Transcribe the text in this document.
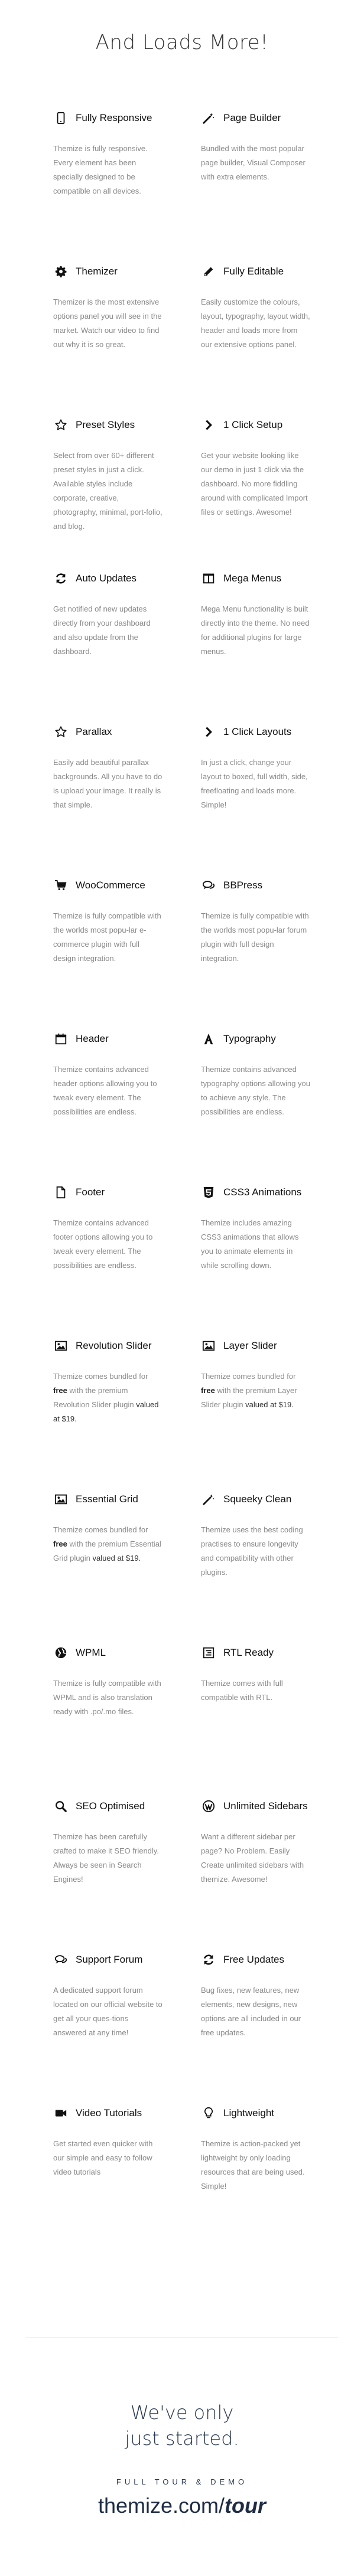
And Loads More!
Fully Responsive
Themize is fully responsive. Every element has been specially designed to be compatible on all devices.
Page Builder
Bundled with the most popular page builder, Visual Composer with extra elements.
Themizer
Themizer is the most extensive options panel you will see in the market. Watch our video to find out why it is so great.
Fully Editable
Easily customize the colours, layout, typography, layout width, header and loads more from our extensive options panel.
Preset Styles
Select from over 60+ different preset styles in just a click. Available styles include corporate, creative, photography, minimal, port-folio, and blog.
1 Click Setup
Get your website looking like our demo in just 1 click via the dashboard. No more fiddling around with complicated Import files or settings. Awesome!
Auto Updates
Get notified of new updates directly from your dashboard and also update from the dashboard.
Mega Menus
Mega Menu functionality is built directly into the theme. No need for additional plugins for large menus.
Parallax
Easily add beautiful parallax backgrounds. All you have to do is upload your image. It really is that simple.
1 Click Layouts
In just a click, change your layout to boxed, full width, side, freefloating and loads more. Simple!
WooCommerce
Themize is fully compatible with the worlds most popu-lar e-commerce plugin with full design integration.
BBPress
Themize is fully compatible with the worlds most popu-lar forum plugin with full design integration.
Header
Themize contains advanced header options allowing you to tweak every element. The possibilities are endless.
Typography
Themize contains advanced typography options allowing you to achieve any style. The possibilities are endless.
Footer
Themize contains advanced footer options allowing you to tweak every element. The possibilities are endless.
CSS3 Animations
Themize includes amazing CSS3 animations that allows you to animate elements in while scrolling down.
Revolution Slider
Themize comes bundled for free with the premium Revolution Slider plugin valued at $19.
Layer Slider
Themize comes bundled for free with the premium Layer Slider plugin valued at $19.
Essential Grid
Themize comes bundled for free with the premium Essential Grid plugin valued at $19.
Squeeky Clean
Themize uses the best coding practises to ensure longevity and compatibility with other plugins.
WPML
Themize is fully compatible with WPML and is also translation ready with .po/.mo files.
RTL Ready
Themize comes with full compatible with RTL.
SEO Optimised
Themize has been carefully crafted to make it SEO friendly. Always be seen in Search Engines!
Unlimited Sidebars
Want a different sidebar per page? No Problem. Easily Create unlimited sidebars with themize. Awesome!
Support Forum
A dedicated support forum located on our official website to get all your ques-tions answered at any time!
Free Updates
Bug fixes, new features, new elements, new designs, new options are all included in our free updates.
Video Tutorials
Get started even quicker with our simple and easy to follow video tutorials
Lightweight
Themize is action-packed yet lightweight by only loading resources that are being used. Simple!
We've only
just started.
FULL TOUR & DEMO
themize.com/tour
